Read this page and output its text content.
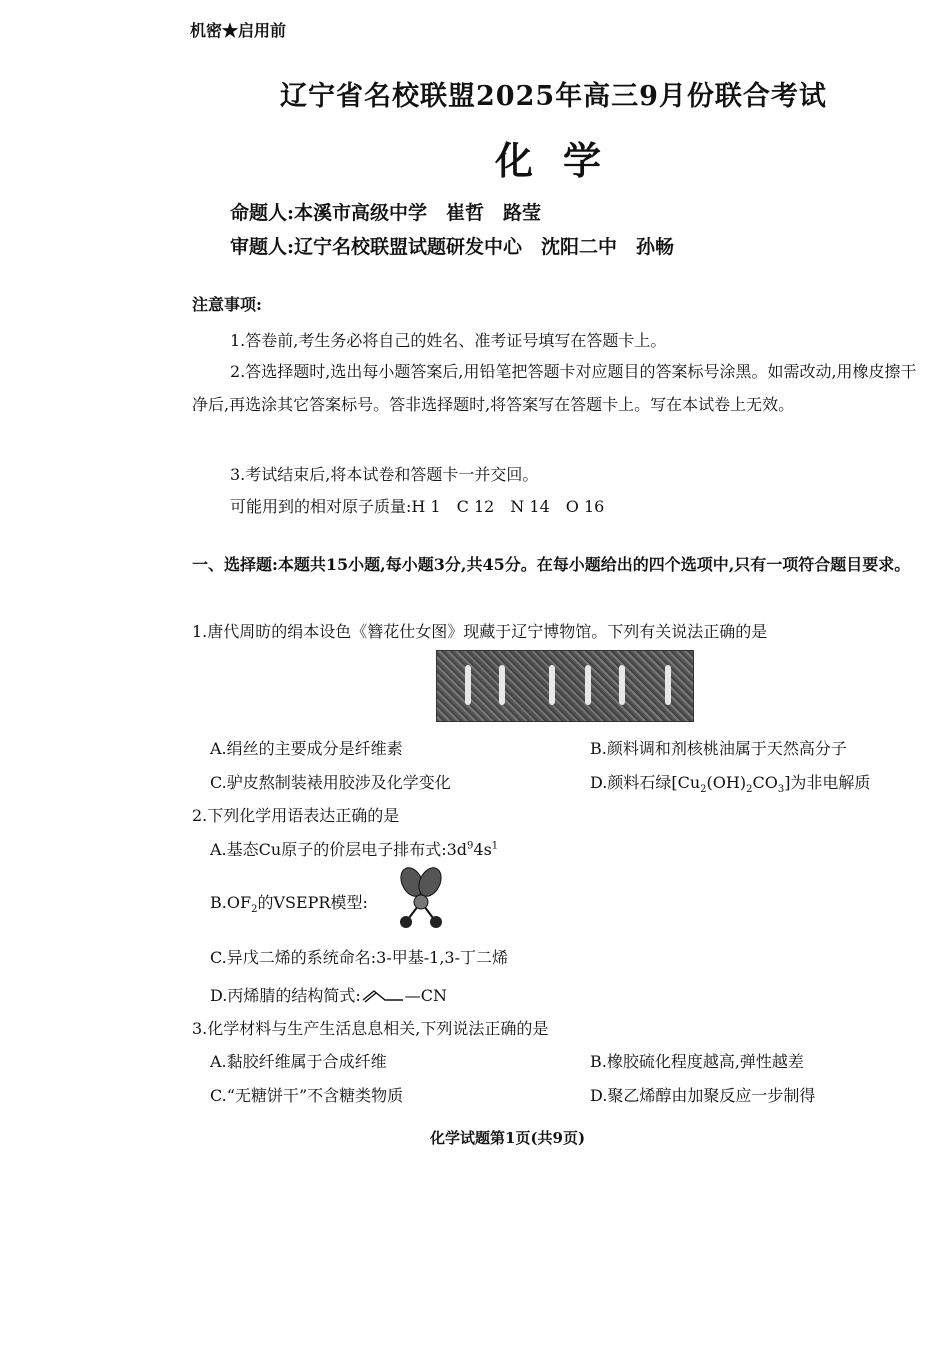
机密★启用前
辽宁省名校联盟2025年高三9月份联合考试
化学
命题人:本溪市高级中学　崔哲　路莹
审题人:辽宁名校联盟试题研发中心　沈阳二中　孙畅
注意事项:
1.答卷前,考生务必将自己的姓名、准考证号填写在答题卡上。
2.答选择题时,选出每小题答案后,用铅笔把答题卡对应题目的答案标号涂黑。如需改动,用橡皮擦干净后,再选涂其它答案标号。答非选择题时,将答案写在答题卡上。写在本试卷上无效。
3.考试结束后,将本试卷和答题卡一并交回。
可能用到的相对原子质量:H 1　C 12　N 14　O 16
一、选择题:本题共15小题,每小题3分,共45分。在每小题给出的四个选项中,只有一项符合题目要求。
1.唐代周昉的绢本设色《簪花仕女图》现藏于辽宁博物馆。下列有关说法正确的是
A.绢丝的主要成分是纤维素	B.颜料调和剂核桃油属于天然高分子
C.驴皮熬制装裱用胶涉及化学变化	D.颜料石绿$[Cu_2(OH)_2CO_3]$为非电解质
2.下列化学用语表达正确的是
A.基态Cu原子的价层电子排布式$:3d^94s^1$
$B.OF_2$的VSEPR模型:
C.异戊二烯的系统命名:3-甲基-1,3-丁二烯
D.丙烯腈的结构简式:	—CN
3.化学材料与生产生活息息相关,下列说法正确的是
A.黏胶纤维属于合成纤维	B.橡胶硫化程度越高,弹性越差
C.“无糖饼干”不含糖类物质	D.聚乙烯醇由加聚反应一步制得
化学试题第1页(共9页)
